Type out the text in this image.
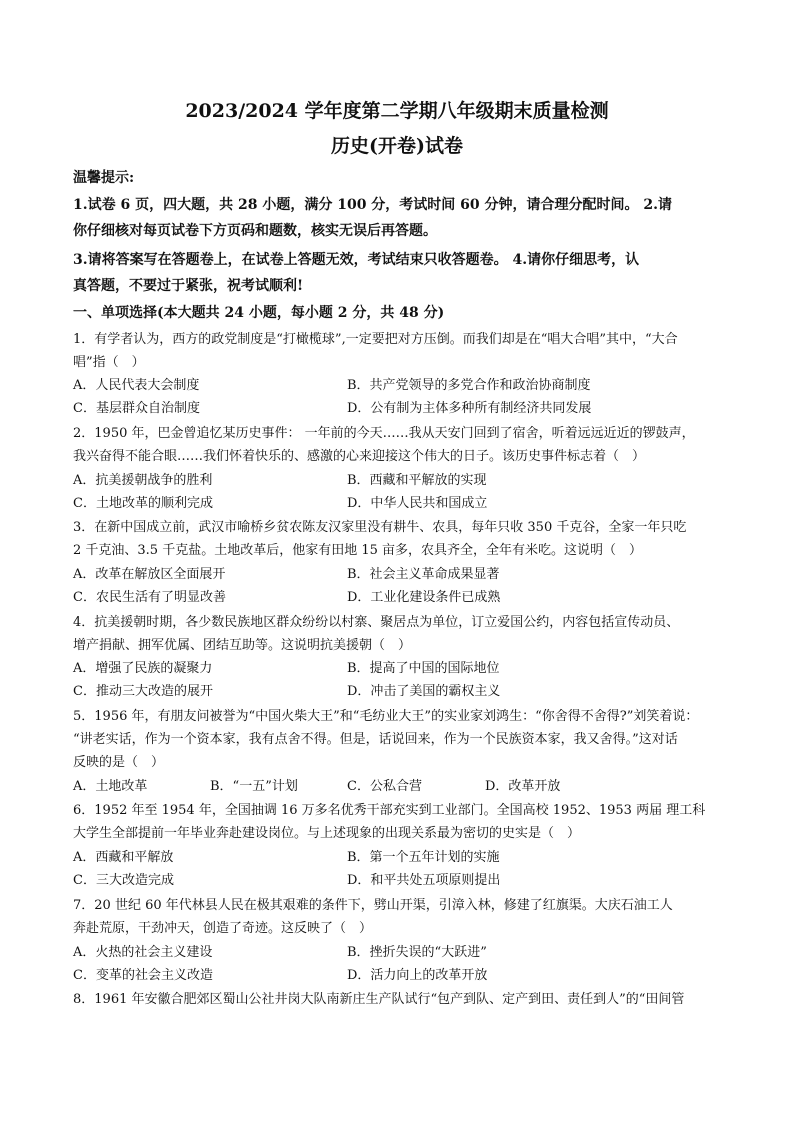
2023/2024 学年度第二学期八年级期末质量检测
历史(开卷)试卷
温馨提示:
1.试卷 6 页，四大题，共 28 小题，满分 100 分，考试时间 60 分钟，请合理分配时间。 2.请
你仔细核对每页试卷下方页码和题数，核实无误后再答题。
3.请将答案写在答题卷上，在试卷上答题无效，考试结束只收答题卷。 4.请你仔细思考，认
真答题，不要过于紧张，祝考试顺利!
一、单项选择(本大题共 24 小题，每小题 2 分，共 48 分)
1．有学者认为，西方的政党制度是“打橄榄球”,一定要把对方压倒。而我们却是在“唱大合唱”其中，“大合
唱”指（　）
A．人民代表大会制度	B．共产党领导的多党合作和政治协商制度
C．基层群众自治制度	D．公有制为主体多种所有制经济共同发展
2．1950 年，巴金曾追忆某历史事件： 一年前的今天……我从天安门回到了宿舍，听着远远近近的锣鼓声，
我兴奋得不能合眼……我们怀着快乐的、感激的心来迎接这个伟大的日子。该历史事件标志着（　）
A．抗美援朝战争的胜利	B．西藏和平解放的实现
C．土地改革的顺利完成	D．中华人民共和国成立
3．在新中国成立前，武汉市喻桥乡贫农陈友汉家里没有耕牛、农具，每年只收 350 千克谷，全家一年只吃
2 千克油、3.5 千克盐。土地改革后，他家有田地 15 亩多，农具齐全，全年有米吃。这说明（　）
A．改革在解放区全面展开	B．社会主义革命成果显著
C．农民生活有了明显改善	D．工业化建设条件已成熟
4．抗美援朝时期，各少数民族地区群众纷纷以村寨、聚居点为单位，订立爱国公约，内容包括宣传动员、
增产捐献、拥军优属、团结互助等。这说明抗美援朝（　）
A．增强了民族的凝聚力	B．提高了中国的国际地位
C．推动三大改造的展开	D．冲击了美国的霸权主义
5．1956 年，有朋友问被誉为“中国火柴大王”和“毛纺业大王”的实业家刘鸿生：“你舍得不舍得?”刘笑着说：
“讲老实话，作为一个资本家，我有点舍不得。但是，话说回来，作为一个民族资本家，我又舍得。”这对话
反映的是（　）
A．土地改革	B．“一五”计划	C．公私合营	D．改革开放
6．1952 年至 1954 年，全国抽调 16 万多名优秀干部充实到工业部门。全国高校 1952、1953 两届 理工科
大学生全部提前一年毕业奔赴建设岗位。与上述现象的出现关系最为密切的史实是（　）
A．西藏和平解放	B．第一个五年计划的实施
C．三大改造完成	D．和平共处五项原则提出
7．20 世纪 60 年代林县人民在极其艰难的条件下，劈山开渠，引漳入林，修建了红旗渠。大庆石油工人
奔赴荒原，干劲冲天，创造了奇迹。这反映了（　）
A．火热的社会主义建设	B．挫折失误的“大跃进”
C．变革的社会主义改造	D．活力向上的改革开放
8．1961 年安徽合肥郊区蜀山公社井岗大队南新庄生产队试行“包产到队、定产到田、责任到人”的“田间管
